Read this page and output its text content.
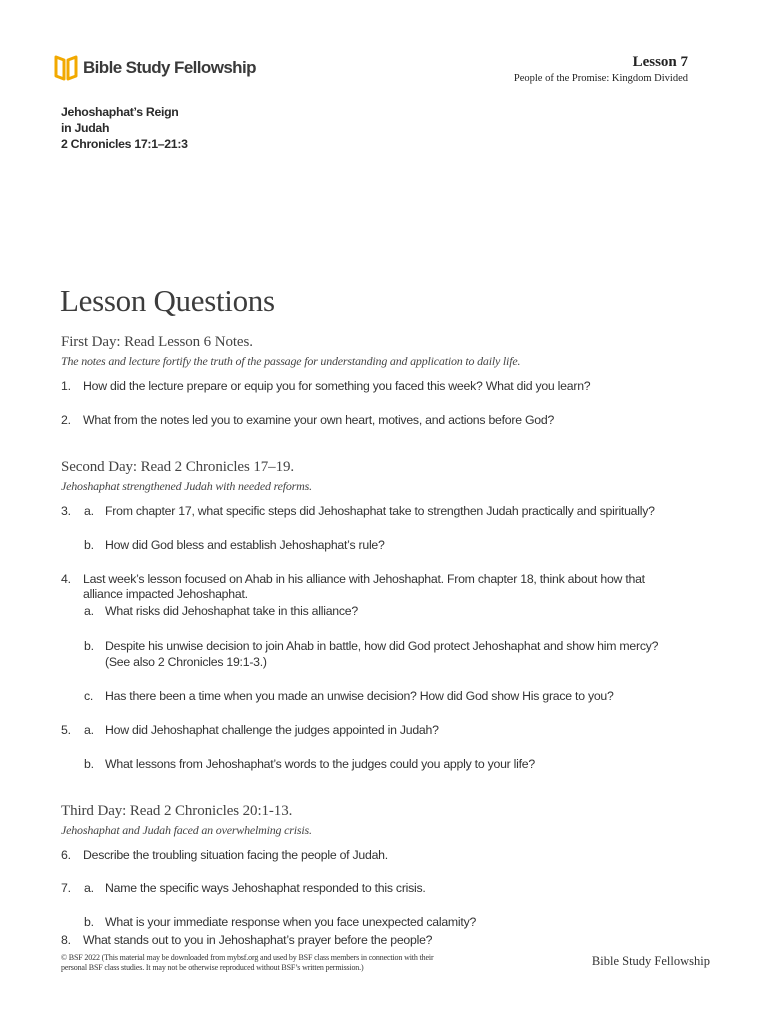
Bible Study Fellowship	Lesson 7
People of the Promise: Kingdom Divided
Jehoshaphat’s Reign
in Judah
2 Chronicles 17:1–21:3
Lesson Questions
First Day: Read Lesson 6 Notes.
The notes and lecture fortify the truth of the passage for understanding and application to daily life.
1. How did the lecture prepare or equip you for something you faced this week? What did you learn?
2. What from the notes led you to examine your own heart, motives, and actions before God?
Second Day: Read 2 Chronicles 17–19.
Jehoshaphat strengthened Judah with needed reforms.
3. a. From chapter 17, what specific steps did Jehoshaphat take to strengthen Judah practically and spiritually?
b. How did God bless and establish Jehoshaphat’s rule?
4. Last week’s lesson focused on Ahab in his alliance with Jehoshaphat. From chapter 18, think about how that
alliance impacted Jehoshaphat.
a. What risks did Jehoshaphat take in this alliance?
b. Despite his unwise decision to join Ahab in battle, how did God protect Jehoshaphat and show him mercy?
(See also 2 Chronicles 19:1-3.)
c. Has there been a time when you made an unwise decision? How did God show His grace to you?
5. a. How did Jehoshaphat challenge the judges appointed in Judah?
b. What lessons from Jehoshaphat’s words to the judges could you apply to your life?
Third Day: Read 2 Chronicles 20:1-13.
Jehoshaphat and Judah faced an overwhelming crisis.
6. Describe the troubling situation facing the people of Judah.
7. a. Name the specific ways Jehoshaphat responded to this crisis.
b. What is your immediate response when you face unexpected calamity?
8. What stands out to you in Jehoshaphat’s prayer before the people?
© BSF 2022 (This material may be downloaded from mybsf.org and used by BSF class members in connection with their
personal BSF class studies. It may not be otherwise reproduced without BSF’s written permission.)	Bible Study Fellowship
